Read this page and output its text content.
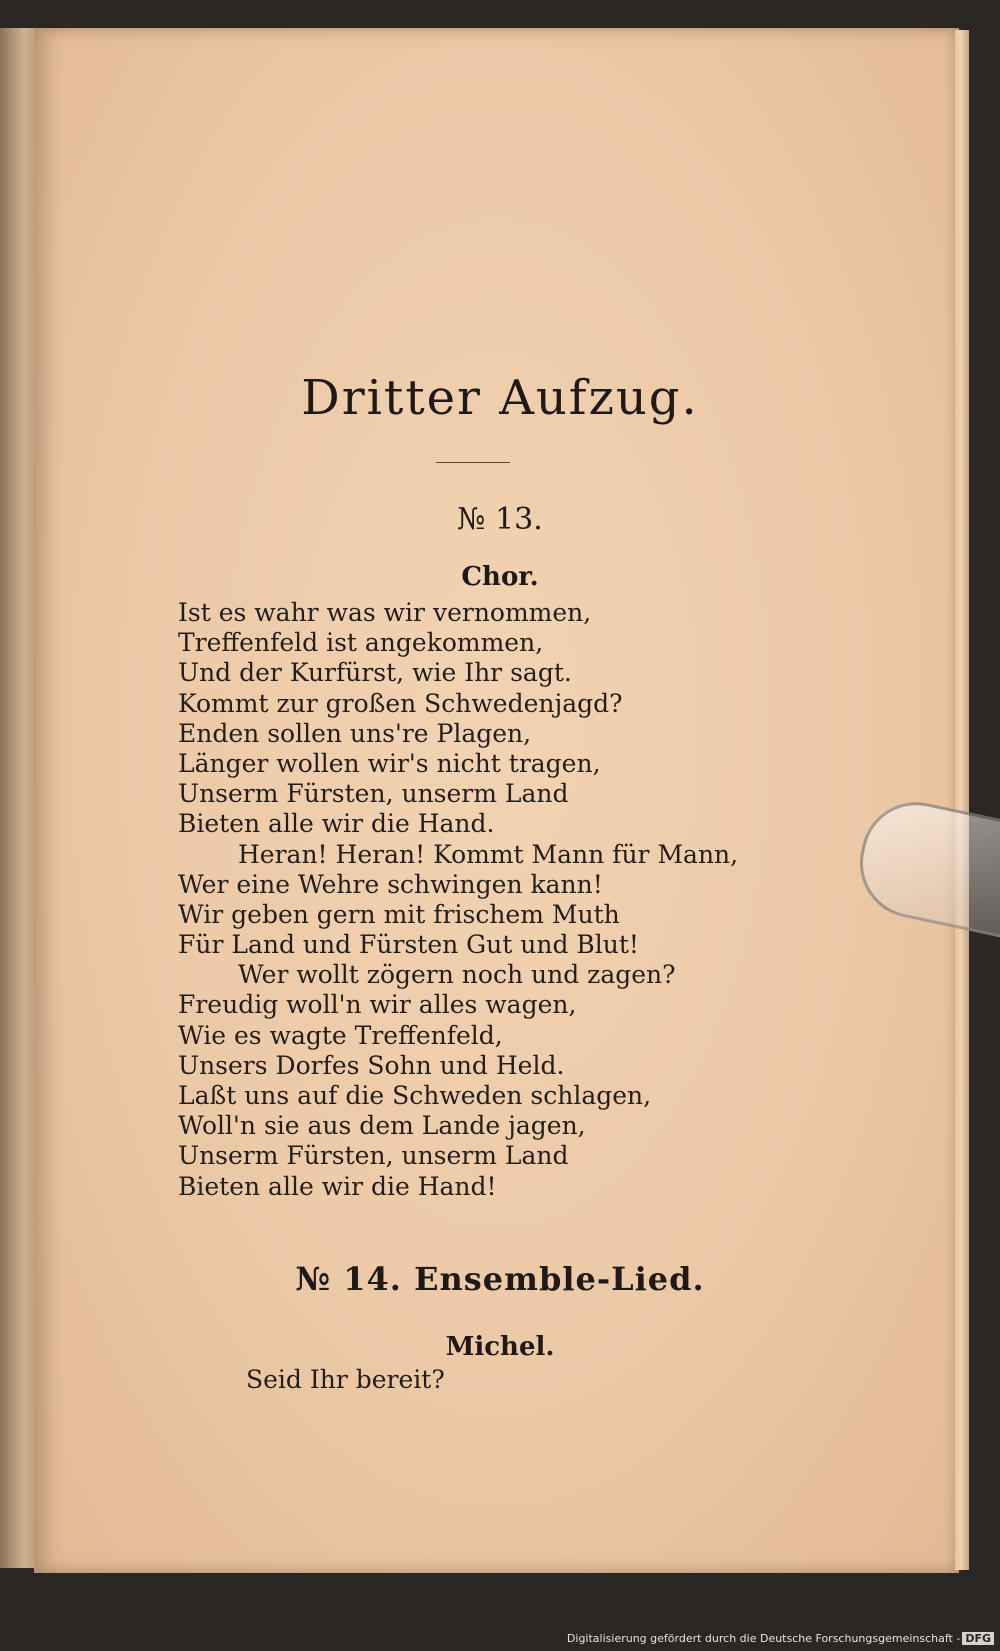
Dritter Aufzug.
№ 13.
Chor.
Ist es wahr was wir vernommen,
Treffenfeld ist angekommen,
Und der Kurfürst, wie Ihr sagt.
Kommt zur großen Schwedenjagd?
Enden sollen uns're Plagen,
Länger wollen wir's nicht tragen,
Unserm Fürsten, unserm Land
Bieten alle wir die Hand.
Heran! Heran! Kommt Mann für Mann,
Wer eine Wehre schwingen kann!
Wir geben gern mit frischem Muth
Für Land und Fürsten Gut und Blut!
Wer wollt zögern noch und zagen?
Freudig woll'n wir alles wagen,
Wie es wagte Treffenfeld,
Unsers Dorfes Sohn und Held.
Laßt uns auf die Schweden schlagen,
Woll'n sie aus dem Lande jagen,
Unserm Fürsten, unserm Land
Bieten alle wir die Hand!
№ 14. Ensemble-Lied.
Michel.
Seid Ihr bereit?
Digitalisierung gefördert durch die Deutsche Forschungsgemeinschaft - DFG
